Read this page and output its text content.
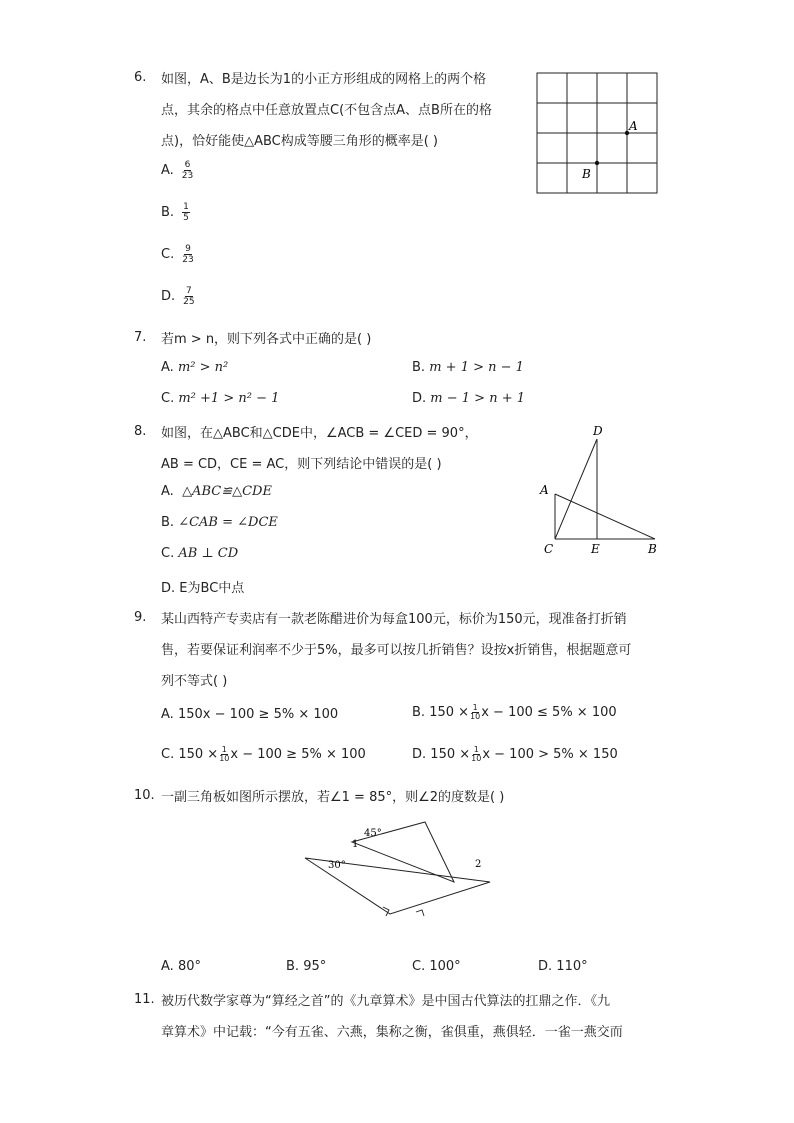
6. 如图，A、B是边长为1的小正方形组成的网格上的两个格
点，其余的格点中任意放置点C(不包含点A、点B所在的格
点)，恰好能使△ABC构成等腰三角形的概率是( )
A. $\frac{6}{23}$
B. $\frac{1}{5}$
C. $\frac{9}{23}$
D. $\frac{7}{25}$
A
B
7. 若m > n，则下列各式中正确的是( )
A. m² > n²	B. m + 1 > n − 1
C. m² +1 > n² − 1	D. m − 1 > n + 1
8. 如图，在△ABC和△CDE中，∠ACB = ∠CED = 90°，
AB = CD，CE = AC，则下列结论中错误的是( )
A. △ABC≌△CDE
B. ∠CAB = ∠DCE
C. AB ⊥ CD
D. E为BC中点
D
A
C	E	B
9. 某山西特产专卖店有一款老陈醋进价为每盒100元，标价为150元，现准备打折销
售，若要保证利润率不少于5%，最多可以按几折销售？设按x折销售，根据题意可
列不等式( )
A. 150x − 100 ≥ 5% × 100	B. $150 \times \frac{1}{10}$ x − 100 ≤ 5% × 100
C. $150 \times \frac{1}{10}$ x − 100 ≥ 5% × 100	D. $150 \times \frac{1}{10}$ x − 100 > 5% × 150
10. 一副三角板如图所示摆放，若∠1 = 85°，则∠2的度数是( )
45°
30°
1
2
A. 80°	B. 95°	C. 100°	D. 110°
11. 被历代数学家尊为“算经之首”的《九章算术》是中国古代算法的扛鼎之作．《九
章算术》中记载：“今有五雀、六燕，集称之衡，雀俱重，燕俱轻．一雀一燕交而
